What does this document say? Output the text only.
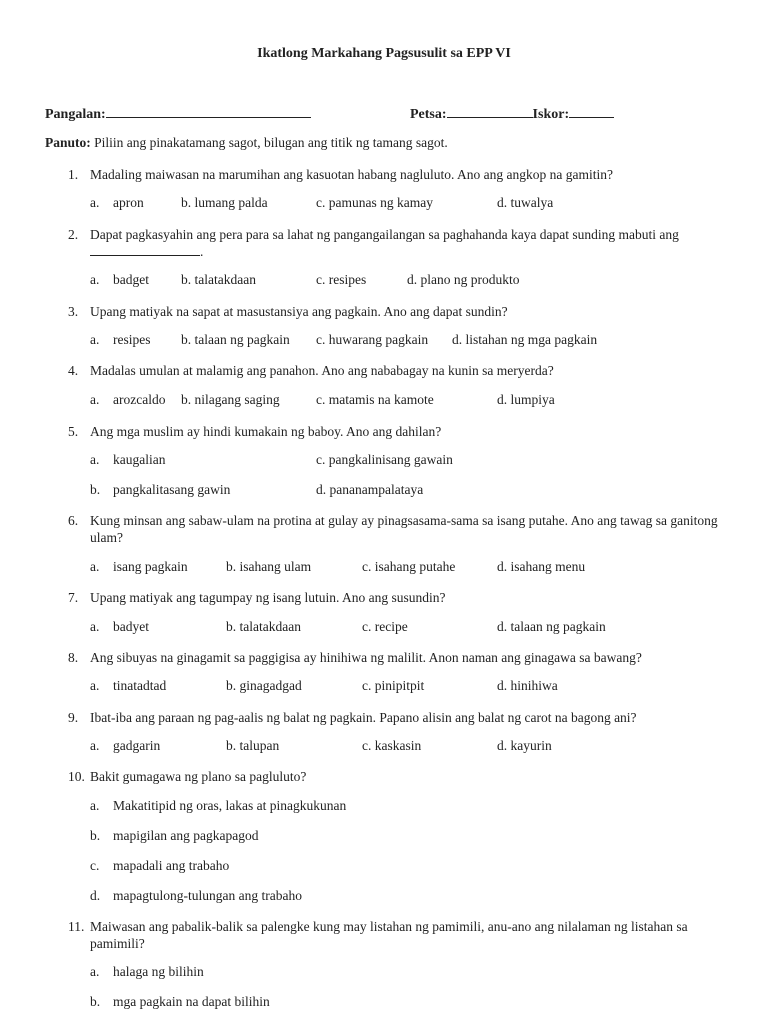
Ikatlong Markahang Pagsusulit sa EPP VI
Pangalan:	Petsa:	Iskor:
Panuto: Piliin ang pinakatamang sagot, bilugan ang titik ng tamang sagot.
1. Madaling maiwasan na marumihan ang kasuotan habang nagluluto. Ano ang angkop na gamitin?
a. apron	b. lumang palda	c. pamunas ng kamay	d. tuwalya
2. Dapat pagkasyahin ang pera para sa lahat ng pangangailangan sa paghahanda kaya dapat sunding mabuti ang .
a. badget b. talatakdaan	c. resipes	d. plano ng produkto
3. Upang matiyak na sapat at masustansiya ang pagkain. Ano ang dapat sundin?
a. resipes b. talaan ng pagkain c. huwarang pagkain d. listahan ng mga pagkain
4. Madalas umulan at malamig ang panahon. Ano ang nababagay na kunin sa meryerda?
a. arozcaldo b. nilagang saging	c. matamis na kamote	d. lumpiya
5. Ang mga muslim ay hindi kumakain ng baboy. Ano ang dahilan?
a. kaugalian	c. pangkalinisang gawain
b. pangkalitasang gawin	d. pananampalataya
6. Kung minsan ang sabaw-ulam na protina at gulay ay pinagsasama-sama sa isang putahe. Ano ang tawag sa ganitong ulam?
a. isang pagkain	b. isahang ulam	c. isahang putahe	d. isahang menu
7. Upang matiyak ang tagumpay ng isang lutuin. Ano ang susundin?
a. badyet	b. talatakdaan	c. recipe	d. talaan ng pagkain
8. Ang sibuyas na ginagamit sa paggigisa ay hinihiwa ng malilit. Anon naman ang ginagawa sa bawang?
a. tinatadtad	b. ginagadgad	c. pinipitpit	d. hinihiwa
9. Ibat-iba ang paraan ng pag-aalis ng balat ng pagkain. Papano alisin ang balat ng carot na bagong ani?
a. gadgarin	b. talupan	c. kaskasin	d. kayurin
10. Bakit gumagawa ng plano sa pagluluto?
a. Makatitipid ng oras, lakas at pinagkukunan
b. mapigilan ang pagkapagod
c. mapadali ang trabaho
d. mapagtulong-tulungan ang trabaho
11. Maiwasan ang pabalik-balik sa palengke kung may listahan ng pamimili, anu-ano ang nilalaman ng listahan sa pamimili?
a. halaga ng bilihin
b. mga pagkain na dapat bilihin
